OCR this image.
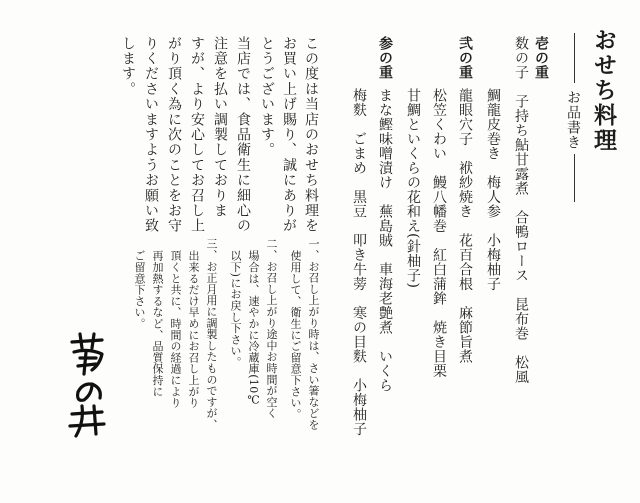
おせち料理
お品書き
壱の重
数の子　子持ち鮎甘露煮　合鴨ロース　昆布巻　松風
鯛龍皮巻き　梅人参　小梅柚子
弐の重
龍眼穴子　袱紗焼き　花百合根　麻節旨煮
松笠くわい　鰻八幡巻　紅白蒲鉾　焼き目栗
甘鯛といくらの花和え(針柚子)
参の重
まな鰹味噌漬け　蕪島賊　車海老艶煮　いくら
梅麩　ごまめ　黒豆　叩き牛蒡　寒の目麩　小梅柚子
この度は当店のおせち料理を
お買い上げ賜り、誠にありが
とうございます。
当店では、食品衛生に細心の
注意を払い調製しておりま
すが、より安心してお召し上
がり頂く為に次のことをお守
りくださいますようお願い致
します。
一、お召し上がり時は、さい箸などを
使用して、衛生にご留意下さい。
二、お召し上がり途中お時間が空く
場合は、速やかに冷蔵庫(10℃
以下)にお戻し下さい。
三、お正月用に調製したものですが、
出来るだけ早めにお召し上がり
頂くと共に、時間の経過により
再加熱するなど、品質保持に
ご留意下さい。
